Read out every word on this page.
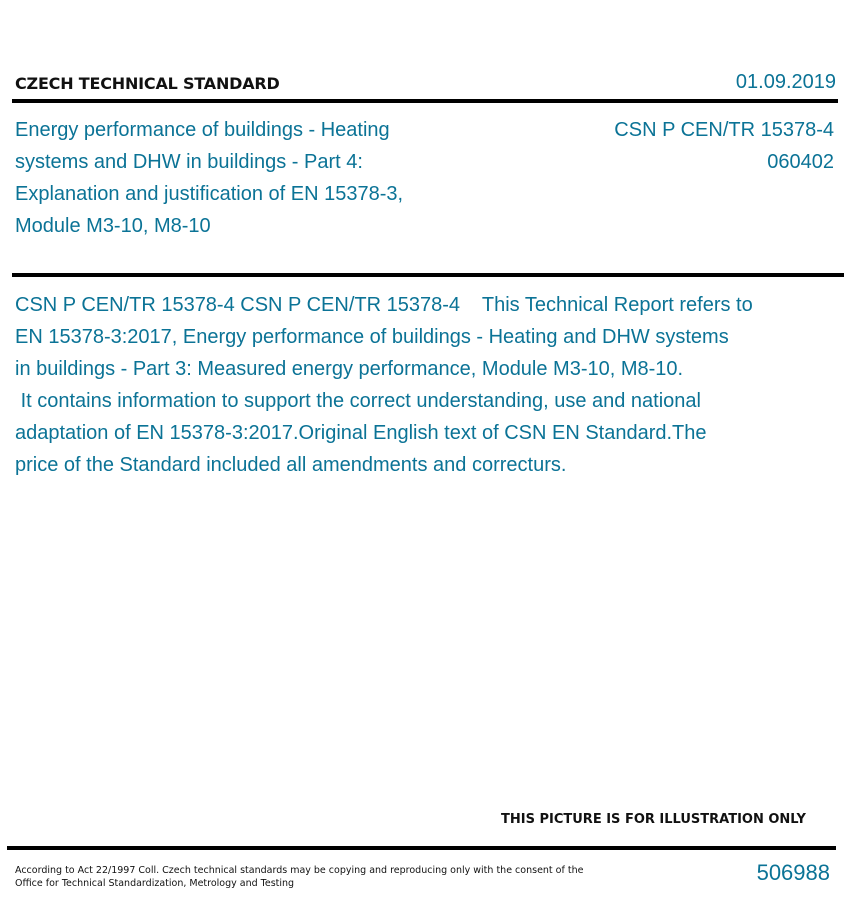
CZECH TECHNICAL STANDARD	01.09.2019
Energy performance of buildings - Heating systems and DHW in buildings - Part 4: Explanation and justification of EN 15378-3, Module M3-10, M8-10
CSN P CEN/TR 15378-4
060402
CSN P CEN/TR 15378-4 CSN P CEN/TR 15378-4    This Technical Report refers to
EN 15378-3:2017, Energy performance of buildings - Heating and DHW systems
in buildings - Part 3: Measured energy performance, Module M3-10, M8-10.
It contains information to support the correct understanding, use and national
adaptation of EN 15378-3:2017.Original English text of CSN EN Standard.The
price of the Standard included all amendments and correcturs.
THIS PICTURE IS FOR ILLUSTRATION ONLY
According to Act 22/1997 Coll. Czech technical standards may be copying and reproducing only with the consent of the Office for Technical Standardization, Metrology and Testing	506988
